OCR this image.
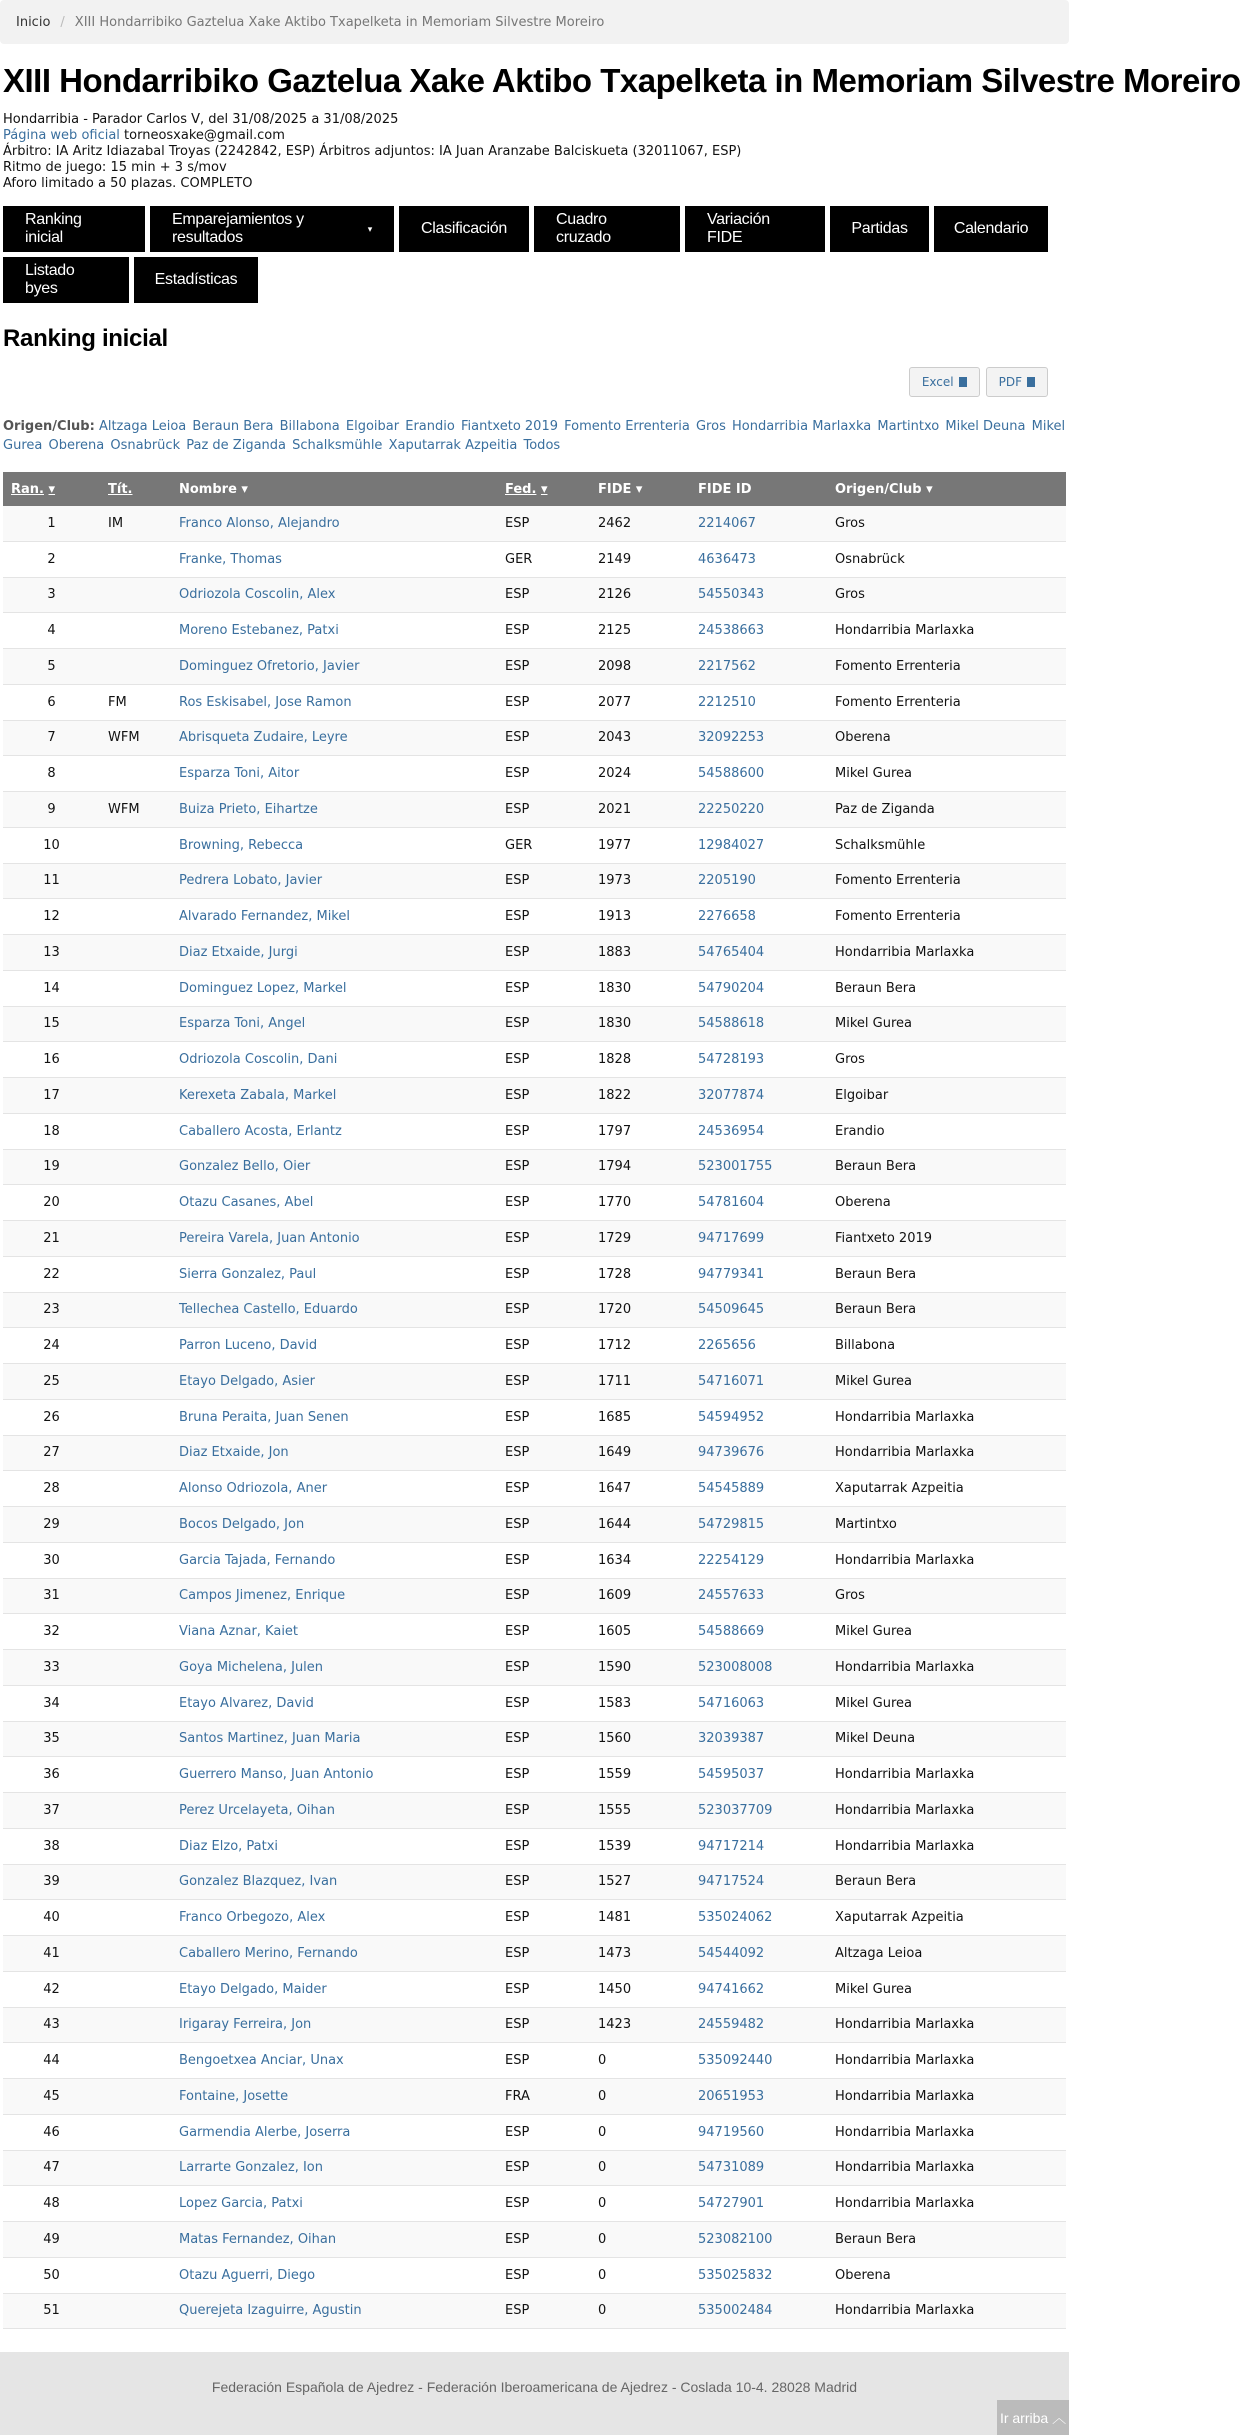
Inicio / XIII Hondarribiko Gaztelua Xake Aktibo Txapelketa in Memoriam Silvestre Moreiro
XIII Hondarribiko Gaztelua Xake Aktibo Txapelketa in Memoriam Silvestre Moreiro
Hondarribia - Parador Carlos V, del 31/08/2025 a 31/08/2025
Página web oficial torneosxake@gmail.com
Árbitro: IA Aritz Idiazabal Troyas (2242842, ESP) Árbitros adjuntos: IA Juan Aranzabe Balciskueta (32011067, ESP)
Ritmo de juego: 15 min + 3 s/mov
Aforo limitado a 50 plazas. COMPLETO
Ranking inicial
Emparejamientos y resultados
▾	Clasificación
Cuadro cruzado
Variación FIDE
Partidas	Calendario
Listado byes
Estadísticas
Ranking inicial
Excel	PDF
Origen/Club: Altzaga Leioa Beraun Bera Billabona Elgoibar Erandio Fiantxeto 2019 Fomento Errenteria Gros Hondarribia Marlaxka Martintxo Mikel Deuna Mikel Gurea Oberena Osnabrück Paz de Ziganda Schalksmühle Xaputarrak Azpeitia Todos
Ran. ▾	Tít.	Nombre ▾	Fed. ▾	FIDE ▾	FIDE ID	Origen/Club ▾
1	IM	Franco Alonso, Alejandro	ESP	2462	2214067	Gros
2		Franke, Thomas	GER	2149	4636473	Osnabrück
3		Odriozola Coscolin, Alex	ESP	2126	54550343	Gros
4		Moreno Estebanez, Patxi	ESP	2125	24538663	Hondarribia Marlaxka
5		Dominguez Ofretorio, Javier	ESP	2098	2217562	Fomento Errenteria
6	FM	Ros Eskisabel, Jose Ramon	ESP	2077	2212510	Fomento Errenteria
7	WFM	Abrisqueta Zudaire, Leyre	ESP	2043	32092253	Oberena
8		Esparza Toni, Aitor	ESP	2024	54588600	Mikel Gurea
9	WFM	Buiza Prieto, Eihartze	ESP	2021	22250220	Paz de Ziganda
10		Browning, Rebecca	GER	1977	12984027	Schalksmühle
11		Pedrera Lobato, Javier	ESP	1973	2205190	Fomento Errenteria
12		Alvarado Fernandez, Mikel	ESP	1913	2276658	Fomento Errenteria
13		Diaz Etxaide, Jurgi	ESP	1883	54765404	Hondarribia Marlaxka
14		Dominguez Lopez, Markel	ESP	1830	54790204	Beraun Bera
15		Esparza Toni, Angel	ESP	1830	54588618	Mikel Gurea
16		Odriozola Coscolin, Dani	ESP	1828	54728193	Gros
17		Kerexeta Zabala, Markel	ESP	1822	32077874	Elgoibar
18		Caballero Acosta, Erlantz	ESP	1797	24536954	Erandio
19		Gonzalez Bello, Oier	ESP	1794	523001755	Beraun Bera
20		Otazu Casanes, Abel	ESP	1770	54781604	Oberena
21		Pereira Varela, Juan Antonio	ESP	1729	94717699	Fiantxeto 2019
22		Sierra Gonzalez, Paul	ESP	1728	94779341	Beraun Bera
23		Tellechea Castello, Eduardo	ESP	1720	54509645	Beraun Bera
24		Parron Luceno, David	ESP	1712	2265656	Billabona
25		Etayo Delgado, Asier	ESP	1711	54716071	Mikel Gurea
26		Bruna Peraita, Juan Senen	ESP	1685	54594952	Hondarribia Marlaxka
27		Diaz Etxaide, Jon	ESP	1649	94739676	Hondarribia Marlaxka
28		Alonso Odriozola, Aner	ESP	1647	54545889	Xaputarrak Azpeitia
29		Bocos Delgado, Jon	ESP	1644	54729815	Martintxo
30		Garcia Tajada, Fernando	ESP	1634	22254129	Hondarribia Marlaxka
31		Campos Jimenez, Enrique	ESP	1609	24557633	Gros
32		Viana Aznar, Kaiet	ESP	1605	54588669	Mikel Gurea
33		Goya Michelena, Julen	ESP	1590	523008008	Hondarribia Marlaxka
34		Etayo Alvarez, David	ESP	1583	54716063	Mikel Gurea
35		Santos Martinez, Juan Maria	ESP	1560	32039387	Mikel Deuna
36		Guerrero Manso, Juan Antonio	ESP	1559	54595037	Hondarribia Marlaxka
37		Perez Urcelayeta, Oihan	ESP	1555	523037709	Hondarribia Marlaxka
38		Diaz Elzo, Patxi	ESP	1539	94717214	Hondarribia Marlaxka
39		Gonzalez Blazquez, Ivan	ESP	1527	94717524	Beraun Bera
40		Franco Orbegozo, Alex	ESP	1481	535024062	Xaputarrak Azpeitia
41		Caballero Merino, Fernando	ESP	1473	54544092	Altzaga Leioa
42		Etayo Delgado, Maider	ESP	1450	94741662	Mikel Gurea
43		Irigaray Ferreira, Jon	ESP	1423	24559482	Hondarribia Marlaxka
44		Bengoetxea Anciar, Unax	ESP	0	535092440	Hondarribia Marlaxka
45		Fontaine, Josette	FRA	0	20651953	Hondarribia Marlaxka
46		Garmendia Alerbe, Joserra	ESP	0	94719560	Hondarribia Marlaxka
47		Larrarte Gonzalez, Ion	ESP	0	54731089	Hondarribia Marlaxka
48		Lopez Garcia, Patxi	ESP	0	54727901	Hondarribia Marlaxka
49		Matas Fernandez, Oihan	ESP	0	523082100	Beraun Bera
50		Otazu Aguerri, Diego	ESP	0	535025832	Oberena
51		Querejeta Izaguirre, Agustin	ESP	0	535002484	Hondarribia Marlaxka
Federación Española de Ajedrez - Federación Iberoamericana de Ajedrez - Coslada 10-4. 28028 Madrid
Ir arriba
︿
